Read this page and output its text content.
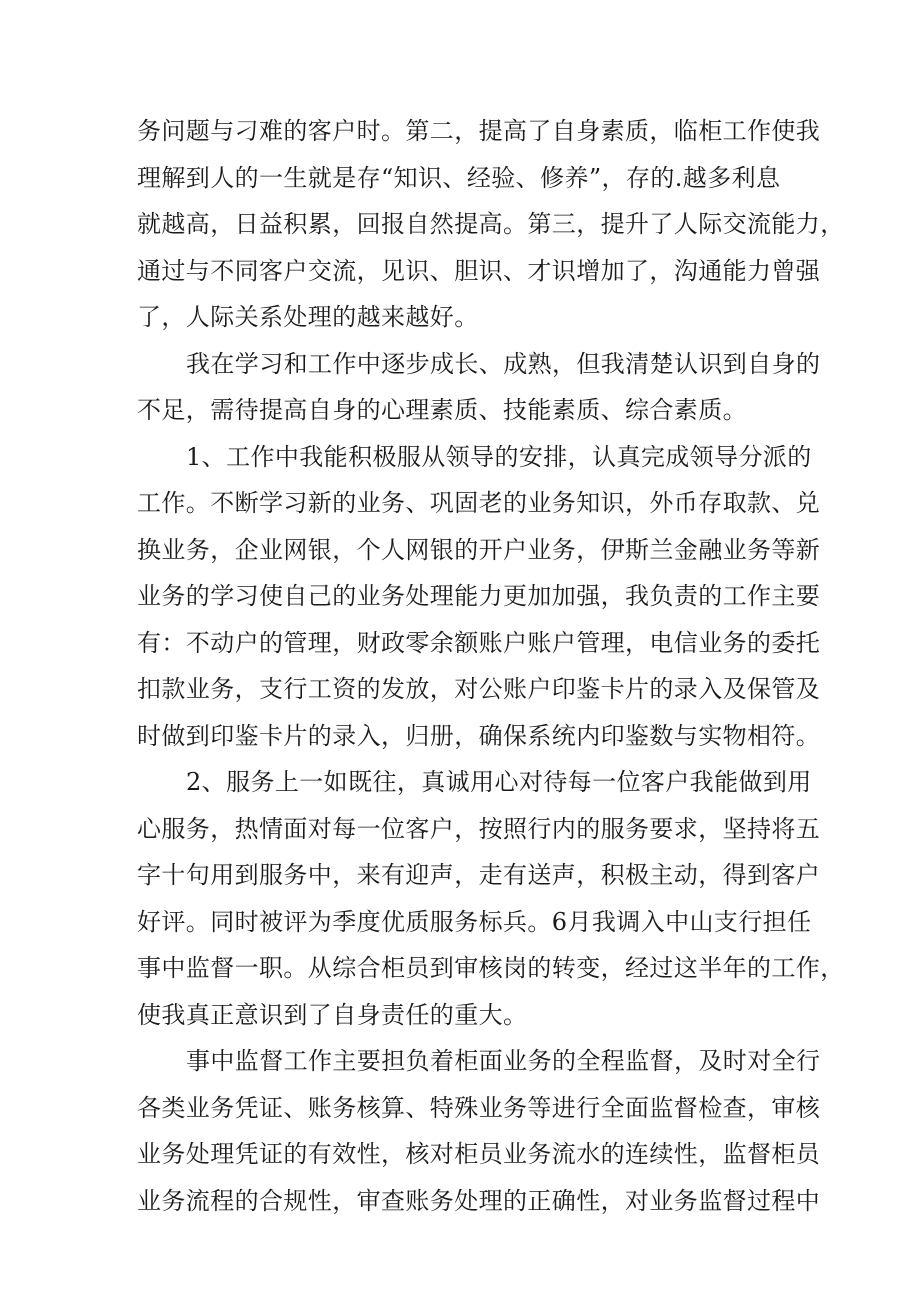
务问题与刁难的客户时。第二，提高了自身素质，临柜工作使我
理解到人的一生就是存“知识、经验、修养”，存的.越多利息
就越高，日益积累，回报自然提高。第三，提升了人际交流能力，
通过与不同客户交流，见识、胆识、才识增加了，沟通能力曾强
了，人际关系处理的越来越好。
我在学习和工作中逐步成长、成熟，但我清楚认识到自身的
不足，需待提高自身的心理素质、技能素质、综合素质。
1、工作中我能积极服从领导的安排，认真完成领导分派的
工作。不断学习新的业务、巩固老的业务知识，外币存取款、兑
换业务，企业网银，个人网银的开户业务，伊斯兰金融业务等新
业务的学习使自己的业务处理能力更加加强，我负责的工作主要
有：不动户的管理，财政零余额账户账户管理，电信业务的委托
扣款业务，支行工资的发放，对公账户印鉴卡片的录入及保管及
时做到印鉴卡片的录入，归册，确保系统内印鉴数与实物相符。
2、服务上一如既往，真诚用心对待每一位客户我能做到用
心服务，热情面对每一位客户，按照行内的服务要求，坚持将五
字十句用到服务中，来有迎声，走有送声，积极主动，得到客户
好评。同时被评为季度优质服务标兵。6月我调入中山支行担任
事中监督一职。从综合柜员到审核岗的转变，经过这半年的工作，
使我真正意识到了自身责任的重大。
事中监督工作主要担负着柜面业务的全程监督，及时对全行
各类业务凭证、账务核算、特殊业务等进行全面监督检查，审核
业务处理凭证的有效性，核对柜员业务流水的连续性，监督柜员
业务流程的合规性，审查账务处理的正确性，对业务监督过程中
